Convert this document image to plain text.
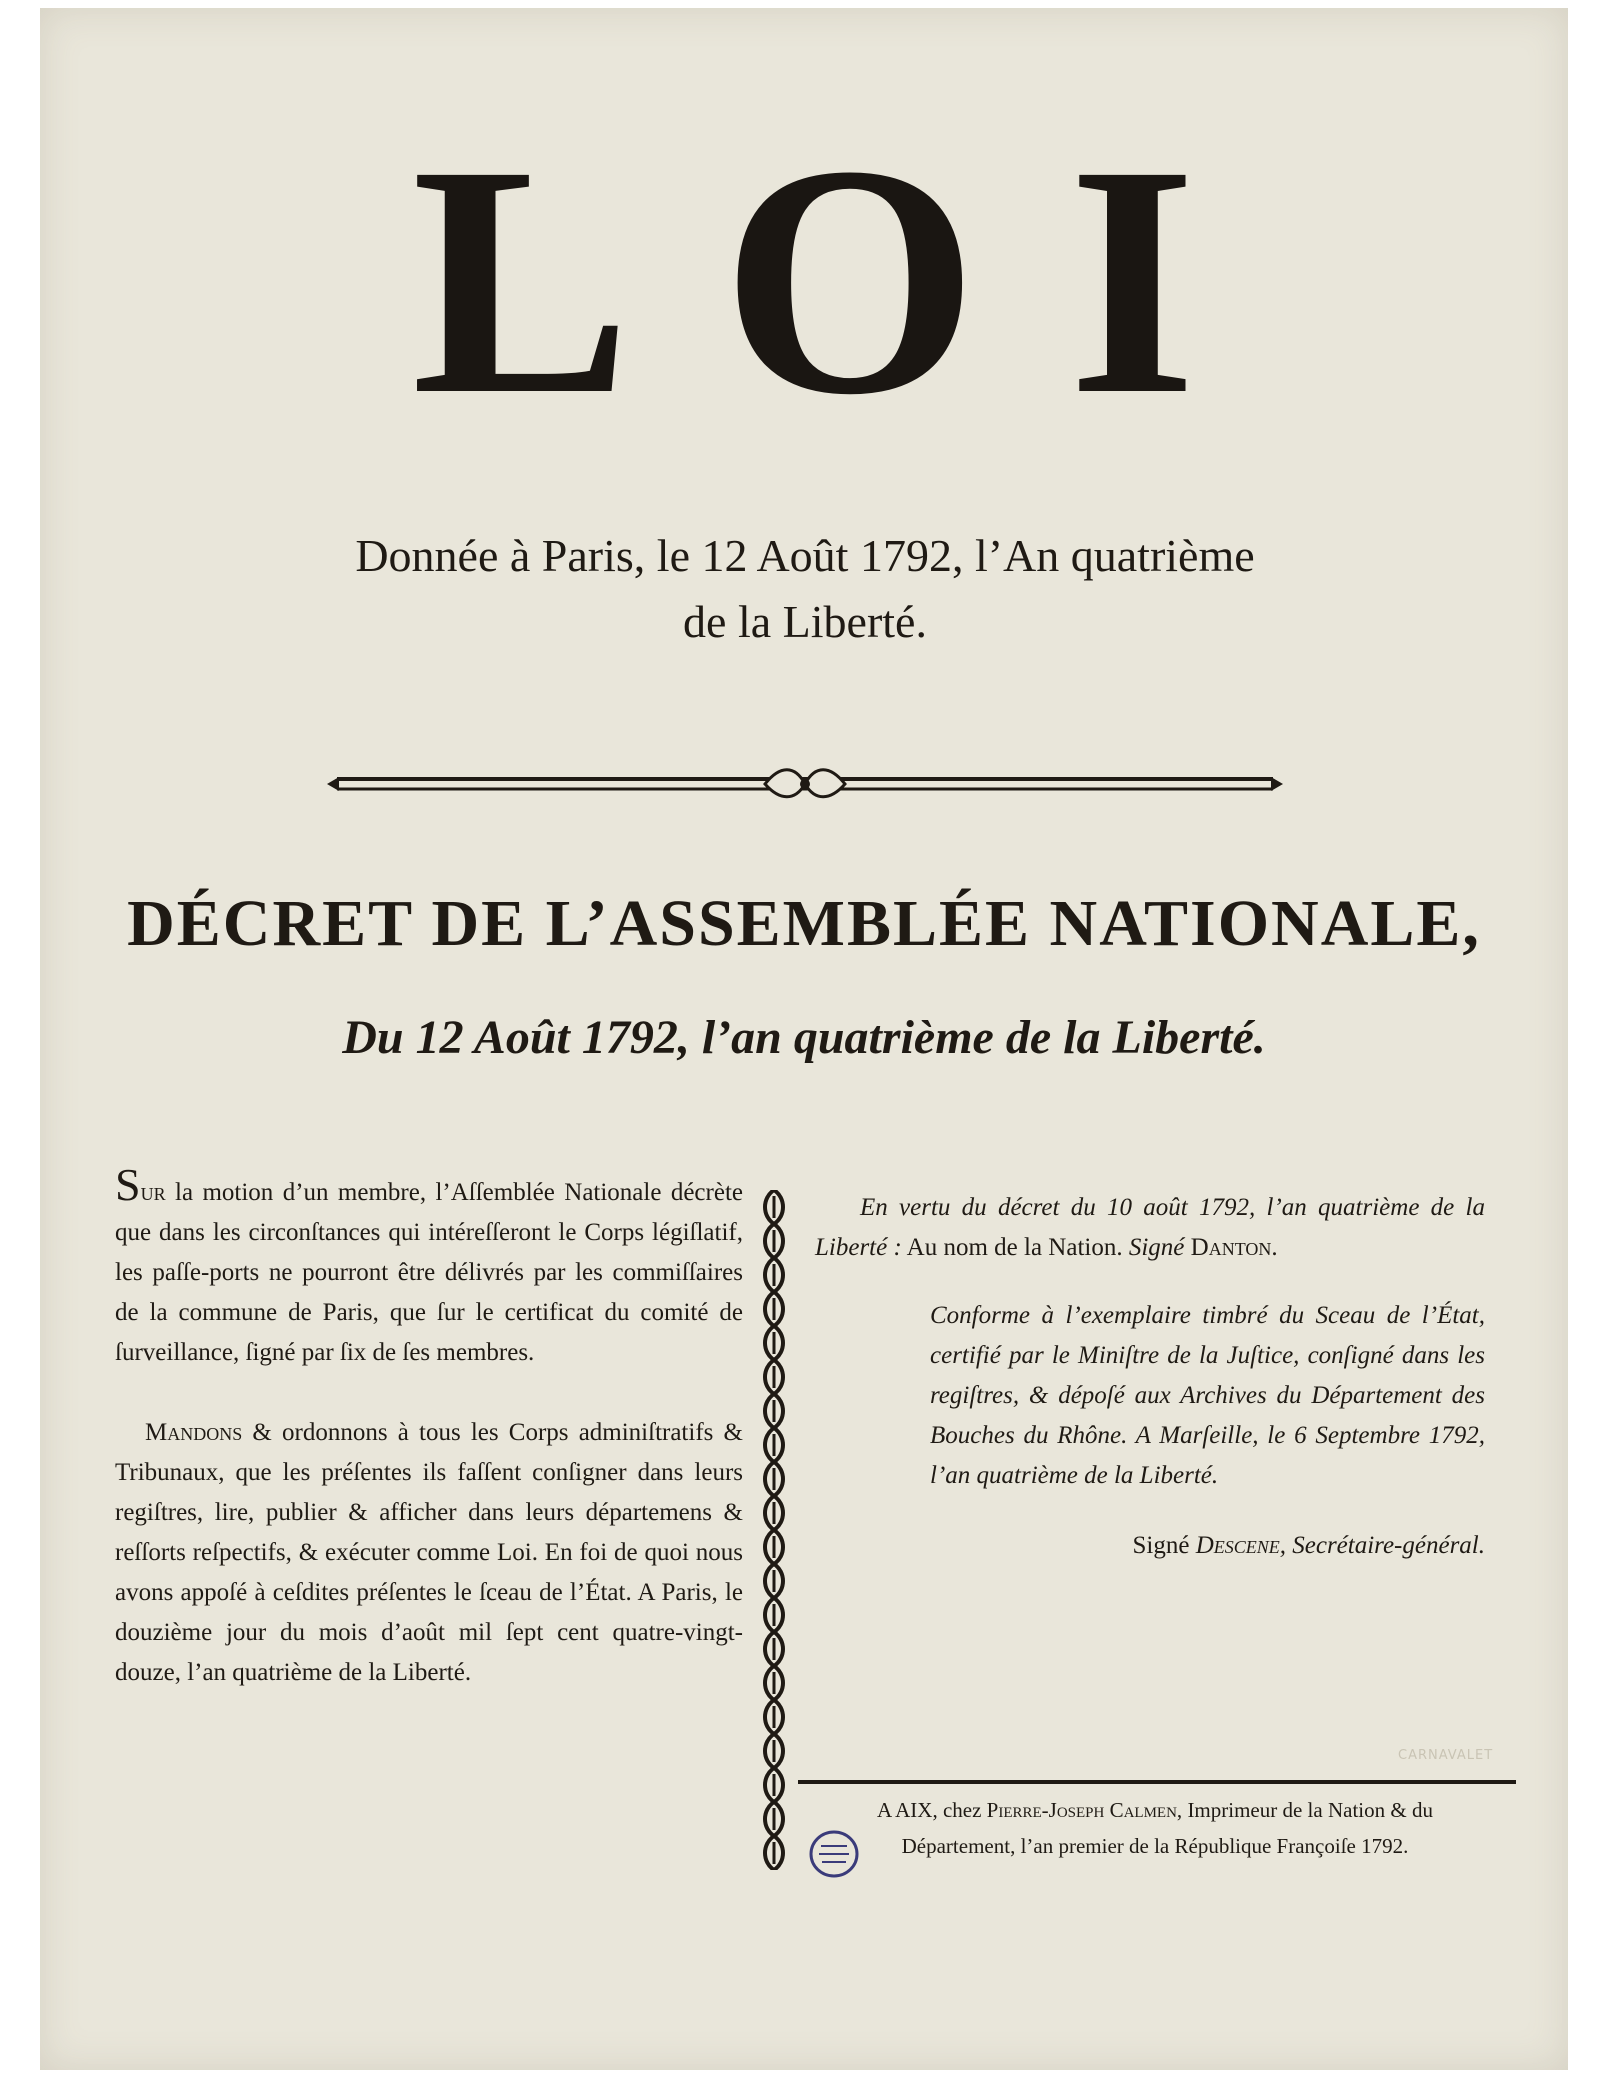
LOI
Donnée à Paris, le 12 Août 1792, l’An quatrième
de la Liberté.
DÉCRET DE L’ASSEMBLÉE NATIONALE,
Du 12 Août 1792, l’an quatrième de la Liberté.

Sur la motion d’un membre, l’Aſſemblée Nationale décrète que dans les circonſtances qui intéreſſeront le Corps légiſlatif, les paſſe-ports ne pourront être délivrés par les commiſſaires de la commune de Paris, que ſur le certificat du comité de ſurveillance, ſigné par ſix de ſes membres.

Mandons & ordonnons à tous les Corps adminiſtratifs & Tribunaux, que les préſentes ils faſſent conſigner dans leurs regiſtres, lire, publier & afficher dans leurs départemens & reſſorts reſpectifs, & exécuter comme Loi. En foi de quoi nous avons appoſé à ceſdites préſentes le ſceau de l’État. A Paris, le douzième jour du mois d’août mil ſept cent quatre-vingt-douze, l’an quatrième de la Liberté.

En vertu du décret du 10 août 1792, l’an quatrième de la Liberté : Au nom de la Nation. Signé Danton.

Conforme à l’exemplaire timbré du Sceau de l’État, certifié par le Miniſtre de la Juſtice, conſigné dans les regiſtres, & dépoſé aux Archives du Département des Bouches du Rhône. A Marſeille, le 6 Septembre 1792, l’an quatrième de la Liberté.

Signé Descene, Secrétaire-général.

CARNAVALET

A AIX, chez Pierre-Joseph Calmen, Imprimeur de la Nation & du

Département, l’an premier de la République Françoiſe 1792.
